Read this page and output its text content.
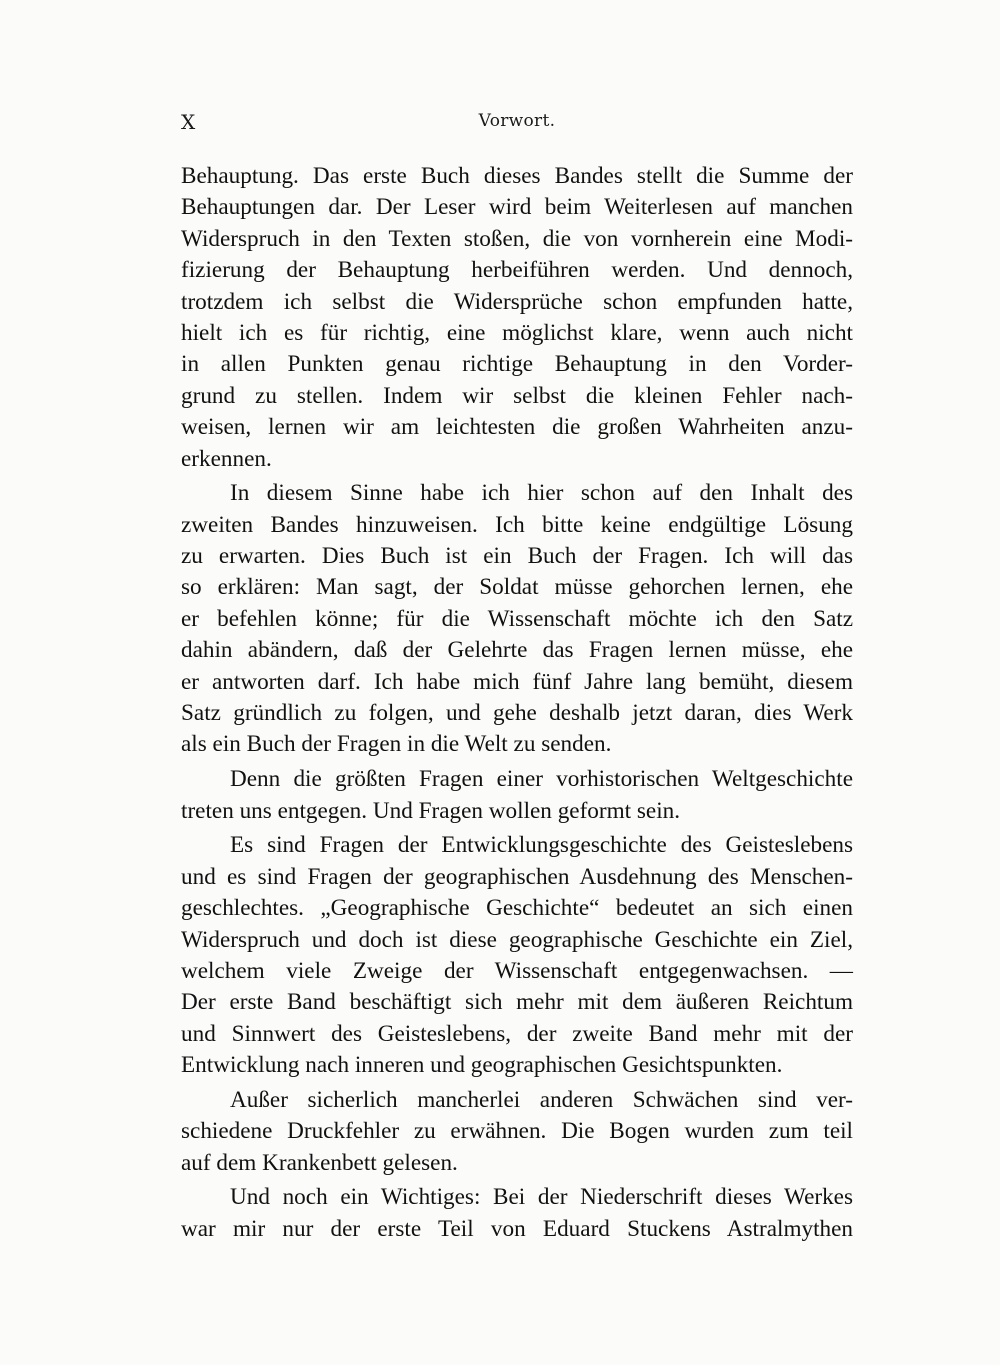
X	Vorwort.
Behauptung. Das erste Buch dieses Bandes stellt die Summe der
Behauptungen dar. Der Leser wird beim Weiterlesen auf manchen
Widerspruch in den Texten stoßen, die von vornherein eine Modi-
fizierung der Behauptung herbeiführen werden. Und dennoch,
trotzdem ich selbst die Widersprüche schon empfunden hatte,
hielt ich es für richtig, eine möglichst klare, wenn auch nicht
in allen Punkten genau richtige Behauptung in den Vorder-
grund zu stellen. Indem wir selbst die kleinen Fehler nach-
weisen, lernen wir am leichtesten die großen Wahrheiten anzu-
erkennen.
In diesem Sinne habe ich hier schon auf den Inhalt des
zweiten Bandes hinzuweisen. Ich bitte keine endgültige Lösung
zu erwarten. Dies Buch ist ein Buch der Fragen. Ich will das
so erklären: Man sagt, der Soldat müsse gehorchen lernen, ehe
er befehlen könne; für die Wissenschaft möchte ich den Satz
dahin abändern, daß der Gelehrte das Fragen lernen müsse, ehe
er antworten darf. Ich habe mich fünf Jahre lang bemüht, diesem
Satz gründlich zu folgen, und gehe deshalb jetzt daran, dies Werk
als ein Buch der Fragen in die Welt zu senden.
Denn die größten Fragen einer vorhistorischen Weltgeschichte
treten uns entgegen. Und Fragen wollen geformt sein.
Es sind Fragen der Entwicklungsgeschichte des Geisteslebens
und es sind Fragen der geographischen Ausdehnung des Menschen-
geschlechtes. „Geographische Geschichte“ bedeutet an sich einen
Widerspruch und doch ist diese geographische Geschichte ein Ziel,
welchem viele Zweige der Wissenschaft entgegenwachsen. —
Der erste Band beschäftigt sich mehr mit dem äußeren Reichtum
und Sinnwert des Geisteslebens, der zweite Band mehr mit der
Entwicklung nach inneren und geographischen Gesichtspunkten.
Außer sicherlich mancherlei anderen Schwächen sind ver-
schiedene Druckfehler zu erwähnen. Die Bogen wurden zum teil
auf dem Krankenbett gelesen.
Und noch ein Wichtiges: Bei der Niederschrift dieses Werkes
war mir nur der erste Teil von Eduard Stuckens Astralmythen
